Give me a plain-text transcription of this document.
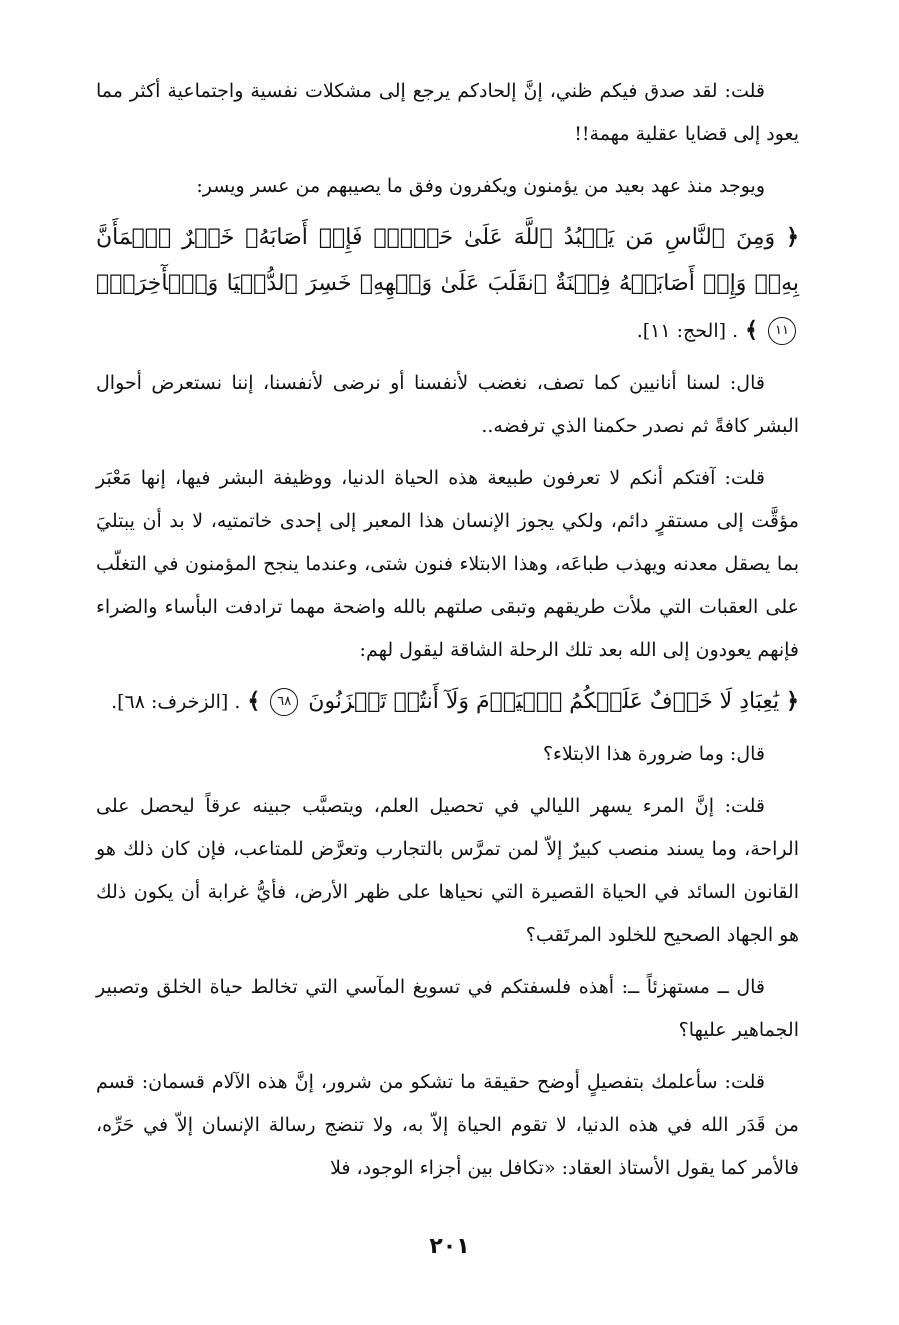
قلت: لقد صدق فيكم ظني، إنَّ إلحادكم يرجع إلى مشكلات نفسية واجتماعية أكثر مما يعود إلى قضايا عقلية مهمة!!

ويوجد منذ عهد بعيد من يؤمنون ويكفرون وفق ما يصيبهم من عسر ويسر:

﴿ وَمِنَ ٱلنَّاسِ مَن يَعۡبُدُ ٱللَّهَ عَلَىٰ حَرۡفٍۖ فَإِنۡ أَصَابَهُۥ خَيۡرٌ ٱطۡمَأَنَّ بِهِۦۖ وَإِنۡ أَصَابَتۡهُ فِتۡنَةٌ ٱنقَلَبَ عَلَىٰ وَجۡهِهِۦ خَسِرَ ٱلدُّنۡيَا وَٱلۡأٓخِرَةَۚ ١١ ﴾ . [الحج: ١١].

قال: لسنا أنانيين كما تصف، نغضب لأنفسنا أو نرضى لأنفسنا، إننا نستعرض أحوال البشر كافةً ثم نصدر حكمنا الذي ترفضه..

قلت: آفتكم أنكم لا تعرفون طبيعة هذه الحياة الدنيا، ووظيفة البشر فيها، إنها مَعْبَر مؤقَّت إلى مستقرٍ دائم، ولكي يجوز الإنسان هذا المعبر إلى إحدى خاتمتيه، لا بد أن يبتليَ بما يصقل معدنه ويهذب طباعَه، وهذا الابتلاء فنون شتى، وعندما ينجح المؤمنون في التغلّب على العقبات التي ملأت طريقهم وتبقى صلتهم بالله واضحة مهما ترادفت البأساء والضراء فإنهم يعودون إلى الله بعد تلك الرحلة الشاقة ليقول لهم:

﴿ يَٰعِبَادِ لَا خَوۡفٌ عَلَيۡكُمُ ٱلۡيَوۡمَ وَلَآ أَنتُمۡ تَحۡزَنُونَ ٦٨ ﴾ . [الزخرف: ٦٨].

قال: وما ضرورة هذا الابتلاء؟

قلت: إنَّ المرء يسهر الليالي في تحصيل العلم، ويتصبَّب جبينه عرقاً ليحصل على الراحة، وما يسند منصب كبيرٌ إلاّ لمن تمرَّس بالتجارب وتعرَّض للمتاعب، فإن كان ذلك هو القانون السائد في الحياة القصيرة التي نحياها على ظهر الأرض، فأيُّ غرابة أن يكون ذلك هو الجهاد الصحيح للخلود المرتَقب؟

قال ــ مستهزئاً ــ: أهذه فلسفتكم في تسويغ المآسي التي تخالط حياة الخلق وتصبير الجماهير عليها؟

قلت: سأعلمك بتفصيلٍ أوضح حقيقة ما تشكو من شرور، إنَّ هذه الآلام قسمان: قسم من قَدَر الله في هذه الدنيا، لا تقوم الحياة إلاّ به، ولا تنضج رسالة الإنسان إلاّ في حَرِّه، فالأمر كما يقول الأستاذ العقاد: «تكافل بين أجزاء الوجود، فلا

٢٠١
